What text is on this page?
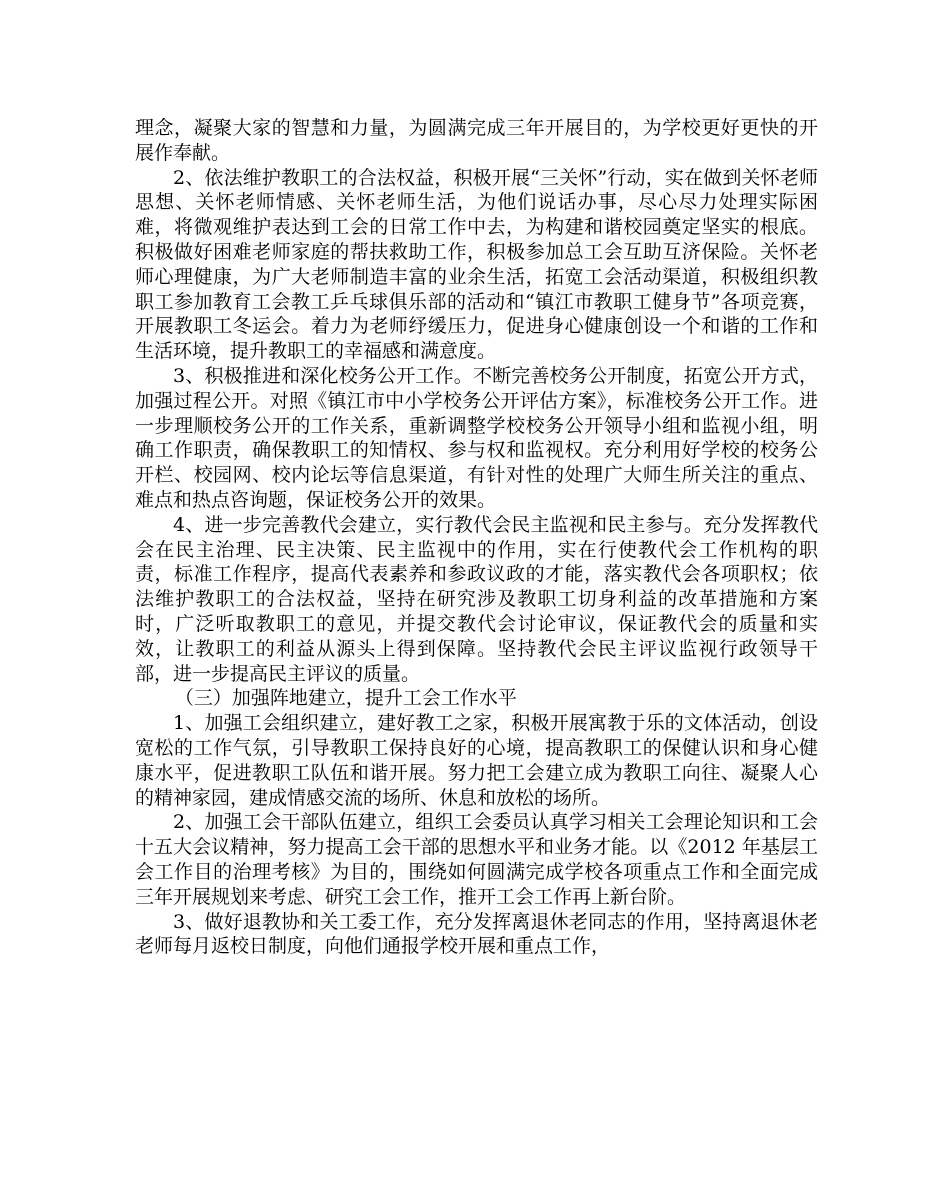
理念，凝聚大家的智慧和力量，为圆满完成三年开展目的，为学校更好更快的开展作奉献。

2、依法维护教职工的合法权益，积极开展“三关怀”行动，实在做到关怀老师思想、关怀老师情感、关怀老师生活，为他们说话办事，尽心尽力处理实际困难，将微观维护表达到工会的日常工作中去，为构建和谐校园奠定坚实的根底。积极做好困难老师家庭的帮扶救助工作，积极参加总工会互助互济保险。关怀老师心理健康，为广大老师制造丰富的业余生活，拓宽工会活动渠道，积极组织教职工参加教育工会教工乒乓球俱乐部的活动和“镇江市教职工健身节”各项竞赛，开展教职工冬运会。着力为老师纾缓压力，促进身心健康创设一个和谐的工作和生活环境，提升教职工的幸福感和满意度。

3、积极推进和深化校务公开工作。不断完善校务公开制度，拓宽公开方式，加强过程公开。对照《镇江市中小学校务公开评估方案》，标准校务公开工作。进一步理顺校务公开的工作关系，重新调整学校校务公开领导小组和监视小组，明确工作职责，确保教职工的知情权、参与权和监视权。充分利用好学校的校务公开栏、校园网、校内论坛等信息渠道，有针对性的处理广大师生所关注的重点、难点和热点咨询题，保证校务公开的效果。

4、进一步完善教代会建立，实行教代会民主监视和民主参与。充分发挥教代会在民主治理、民主决策、民主监视中的作用，实在行使教代会工作机构的职责，标准工作程序，提高代表素养和参政议政的才能，落实教代会各项职权；依法维护教职工的合法权益，坚持在研究涉及教职工切身利益的改革措施和方案时，广泛听取教职工的意见，并提交教代会讨论审议，保证教代会的质量和实效，让教职工的利益从源头上得到保障。坚持教代会民主评议监视行政领导干部，进一步提高民主评议的质量。

（三）加强阵地建立，提升工会工作水平

1、加强工会组织建立，建好教工之家，积极开展寓教于乐的文体活动，创设宽松的工作气氛，引导教职工保持良好的心境，提高教职工的保健认识和身心健康水平，促进教职工队伍和谐开展。努力把工会建立成为教职工向往、凝聚人心的精神家园，建成情感交流的场所、休息和放松的场所。

2、加强工会干部队伍建立，组织工会委员认真学习相关工会理论知识和工会十五大会议精神，努力提高工会干部的思想水平和业务才能。以《2012 年基层工会工作目的治理考核》为目的，围绕如何圆满完成学校各项重点工作和全面完成三年开展规划来考虑、研究工会工作，推开工会工作再上新台阶。

3、做好退教协和关工委工作，充分发挥离退休老同志的作用，坚持离退休老老师每月返校日制度，向他们通报学校开展和重点工作，
